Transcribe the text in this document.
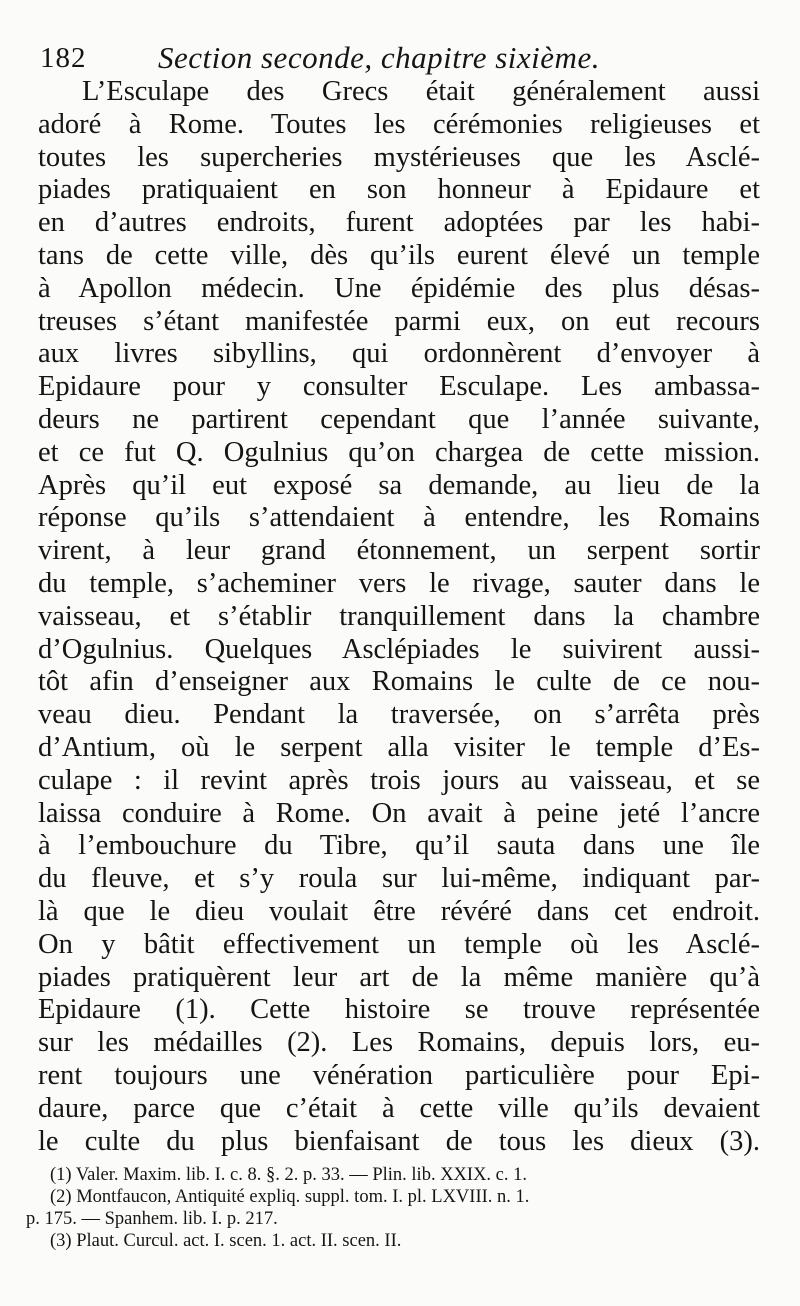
182 Section seconde, chapitre sixième.
L’Esculape des Grecs était généralement aussi
adoré à Rome. Toutes les cérémonies religieuses et
toutes les supercheries mystérieuses que les Asclé-
piades pratiquaient en son honneur à Epidaure et
en d’autres endroits, furent adoptées par les habi-
tans de cette ville, dès qu’ils eurent élevé un temple
à Apollon médecin. Une épidémie des plus désas-
treuses s’étant manifestée parmi eux, on eut recours
aux livres sibyllins, qui ordonnèrent d’envoyer à
Epidaure pour y consulter Esculape. Les ambassa-
deurs ne partirent cependant que l’année suivante,
et ce fut Q. Ogulnius qu’on chargea de cette mission.
Après qu’il eut exposé sa demande, au lieu de la
réponse qu’ils s’attendaient à entendre, les Romains
virent, à leur grand étonnement, un serpent sortir
du temple, s’acheminer vers le rivage, sauter dans le
vaisseau, et s’établir tranquillement dans la chambre
d’Ogulnius. Quelques Asclépiades le suivirent aussi-
tôt afin d’enseigner aux Romains le culte de ce nou-
veau dieu. Pendant la traversée, on s’arrêta près
d’Antium, où le serpent alla visiter le temple d’Es-
culape : il revint après trois jours au vaisseau, et se
laissa conduire à Rome. On avait à peine jeté l’ancre
à l’embouchure du Tibre, qu’il sauta dans une île
du fleuve, et s’y roula sur lui-même, indiquant par-
là que le dieu voulait être révéré dans cet endroit.
On y bâtit effectivement un temple où les Asclé-
piades pratiquèrent leur art de la même manière qu’à
Epidaure (1). Cette histoire se trouve représentée
sur les médailles (2). Les Romains, depuis lors, eu-
rent toujours une vénération particulière pour Epi-
daure, parce que c’était à cette ville qu’ils devaient
le culte du plus bienfaisant de tous les dieux (3).
(1) Valer. Maxim. lib. I. c. 8. §. 2. p. 33. — Plin. lib. XXIX. c. 1.
(2) Montfaucon, Antiquité expliq. suppl. tom. I. pl. LXVIII. n. 1.
p. 175. — Spanhem. lib. I. p. 217.
(3) Plaut. Curcul. act. I. scen. 1. act. II. scen. II.
